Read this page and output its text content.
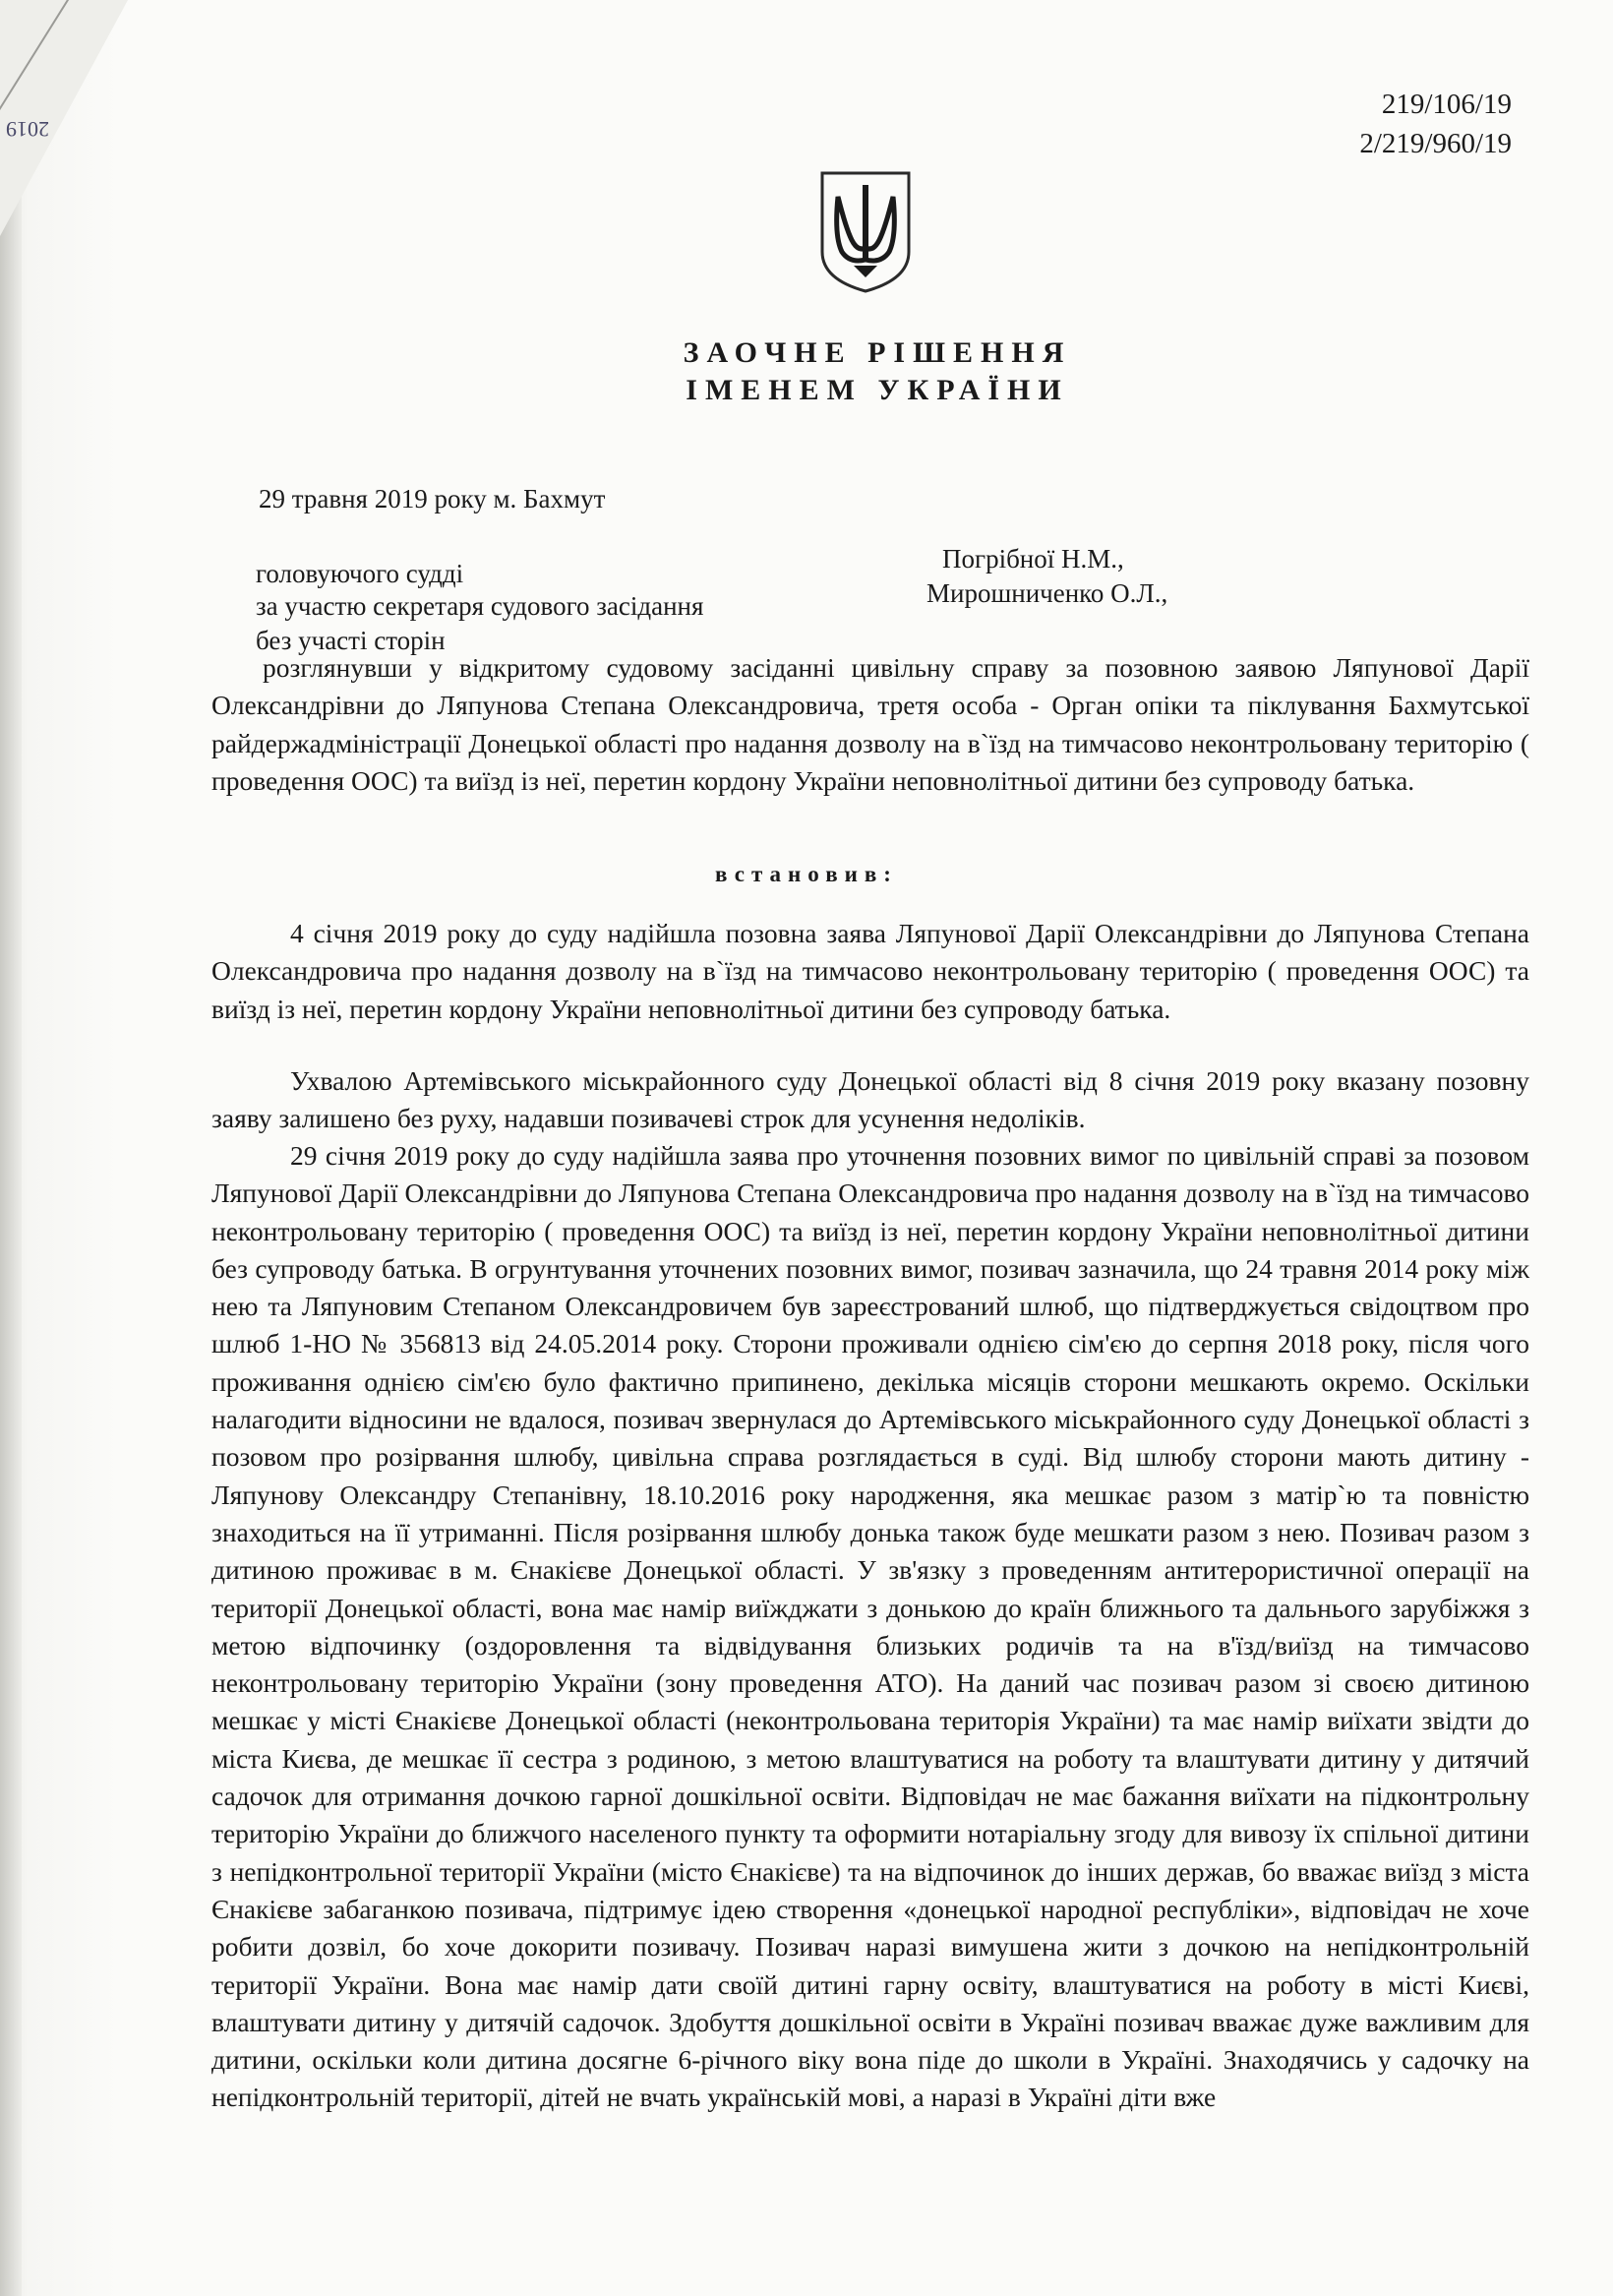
2019
219/106/19
2/219/960/19
ЗАОЧНЕ РІШЕННЯ
ІМЕНЕМ УКРАЇНИ
29 травня 2019 року м. Бахмут
головуючого судді	Погрібної Н.М.,
за участю секретаря судового засідання	Мирошниченко О.Л.,
без участі сторін

розглянувши у відкритому судовому засіданні цивільну справу за позовною заявою Ляпунової Дарії Олександрівни до Ляпунова Степана Олександровича, третя особа - Орган опіки та піклування Бахмутської райдержадміністрації Донецької області про надання дозволу на в`їзд на тимчасово неконтрольовану територію ( проведення ООС) та виїзд із неї, перетин кордону України неповнолітньої дитини без супроводу батька.

встановив:

4 січня 2019 року до суду надійшла позовна заява Ляпунової Дарії Олександрівни до Ляпунова Степана Олександровича про надання дозволу на в`їзд на тимчасово неконтрольовану територію ( проведення ООС) та виїзд із неї, перетин кордону України неповнолітньої дитини без супроводу батька.

Ухвалою Артемівського міськрайонного суду Донецької області від 8 січня 2019 року вказану позовну заяву залишено без руху, надавши позивачеві строк для усунення недоліків.

29 січня 2019 року до суду надійшла заява про уточнення позовних вимог по цивільній справі за позовом Ляпунової Дарії Олександрівни до Ляпунова Степана Олександровича про надання дозволу на в`їзд на тимчасово неконтрольовану територію ( проведення ООС) та виїзд із неї, перетин кордону України неповнолітньої дитини без супроводу батька. В огрунтування уточнених позовних вимог, позивач зазначила, що 24 травня 2014 року між нею та Ляпуновим Степаном Олександровичем був зареєстрований шлюб, що підтверджується свідоцтвом про шлюб 1-НО № 356813 від 24.05.2014 року. Сторони проживали однією сім'єю до серпня 2018 року, після чого проживання однією сім'єю було фактично припинено, декілька місяців сторони мешкають окремо. Оскільки налагодити відносини не вдалося, позивач звернулася до Артемівського міськрайонного суду Донецької області з позовом про розірвання шлюбу, цивільна справа розглядається в суді. Від шлюбу сторони мають дитину - Ляпунову Олександру Степанівну, 18.10.2016 року народження, яка мешкає разом з матір`ю та повністю знаходиться на її утриманні. Після розірвання шлюбу донька також буде мешкати разом з нею. Позивач разом з дитиною проживає в м. Єнакієве Донецької області. У зв'язку з проведенням антитерористичної операції на території Донецької області, вона має намір виїжджати з донькою до країн ближнього та дальнього зарубіжжя з метою відпочинку (оздоровлення та відвідування близьких родичів та на в'їзд/виїзд на тимчасово неконтрольовану територію України (зону проведення АТО). На даний час позивач разом зі своєю дитиною мешкає у місті Єнакієве Донецької області (неконтрольована територія України) та має намір виїхати звідти до міста Києва, де мешкає її сестра з родиною, з метою влаштуватися на роботу та влаштувати дитину у дитячий садочок для отримання дочкою гарної дошкільної освіти. Відповідач не має бажання виїхати на підконтрольну територію України до ближчого населеного пункту та оформити нотаріальну згоду для вивозу їх спільної дитини з непідконтрольної території України (місто Єнакієве) та на відпочинок до інших держав, бо вважає виїзд з міста Єнакієве забаганкою позивача, підтримує ідею створення «донецької народної республіки», відповідач не хоче робити дозвіл, бо хоче докорити позивачу. Позивач наразі вимушена жити з дочкою на непідконтрольній території України. Вона має намір дати своїй дитині гарну освіту, влаштуватися на роботу в місті Києві, влаштувати дитину у дитячій садочок. Здобуття дошкільної освіти в Україні позивач вважає дуже важливим для дитини, оскільки коли дитина досягне 6-річного віку вона піде до школи в Україні. Знаходячись у садочку на непідконтрольній території, дітей не вчать українській мові, а наразі в Україні діти вже
